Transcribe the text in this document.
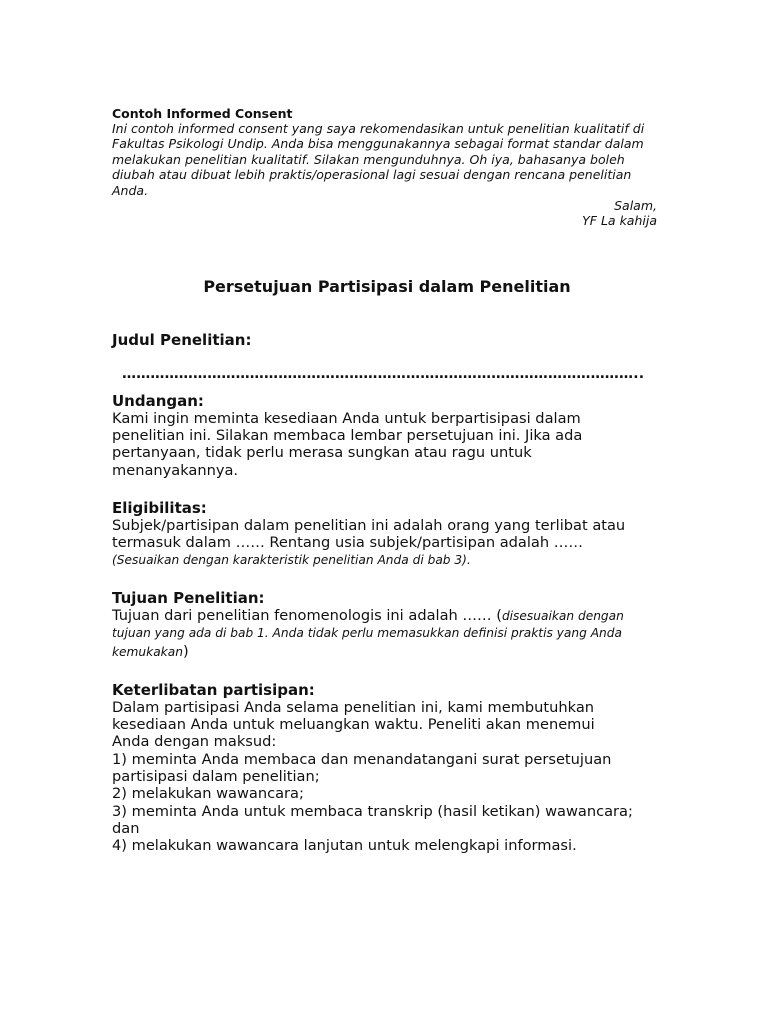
Contoh Informed Consent
Ini contoh informed consent yang saya rekomendasikan untuk penelitian kualitatif di
Fakultas Psikologi Undip. Anda bisa menggunakannya sebagai format standar dalam
melakukan penelitian kualitatif. Silakan mengunduhnya. Oh iya, bahasanya boleh
diubah atau dibuat lebih praktis/operasional lagi sesuai dengan rencana penelitian
Anda.
Salam,
YF La kahija
Persetujuan Partisipasi dalam Penelitian
Judul Penelitian:
………………………………………………………………………………………………..
Undangan:
Kami ingin meminta kesediaan Anda untuk berpartisipasi dalam
penelitian ini. Silakan membaca lembar persetujuan ini. Jika ada
pertanyaan, tidak perlu merasa sungkan atau ragu untuk
menanyakannya.
Eligibilitas:
Subjek/partisipan dalam penelitian ini adalah orang yang terlibat atau
termasuk dalam …… Rentang usia subjek/partisipan adalah ……
(Sesuaikan dengan karakteristik penelitian Anda di bab 3).
Tujuan Penelitian:
Tujuan dari penelitian fenomenologis ini adalah …… (disesuaikan dengan
tujuan yang ada di bab 1. Anda tidak perlu memasukkan definisi praktis yang Anda
kemukakan)
Keterlibatan partisipan:
Dalam partisipasi Anda selama penelitian ini, kami membutuhkan
kesediaan Anda untuk meluangkan waktu. Peneliti akan menemui
Anda dengan maksud:
1) meminta Anda membaca dan menandatangani surat persetujuan
partisipasi dalam penelitian;
2) melakukan wawancara;
3) meminta Anda untuk membaca transkrip (hasil ketikan) wawancara;
dan
4) melakukan wawancara lanjutan untuk melengkapi informasi.
